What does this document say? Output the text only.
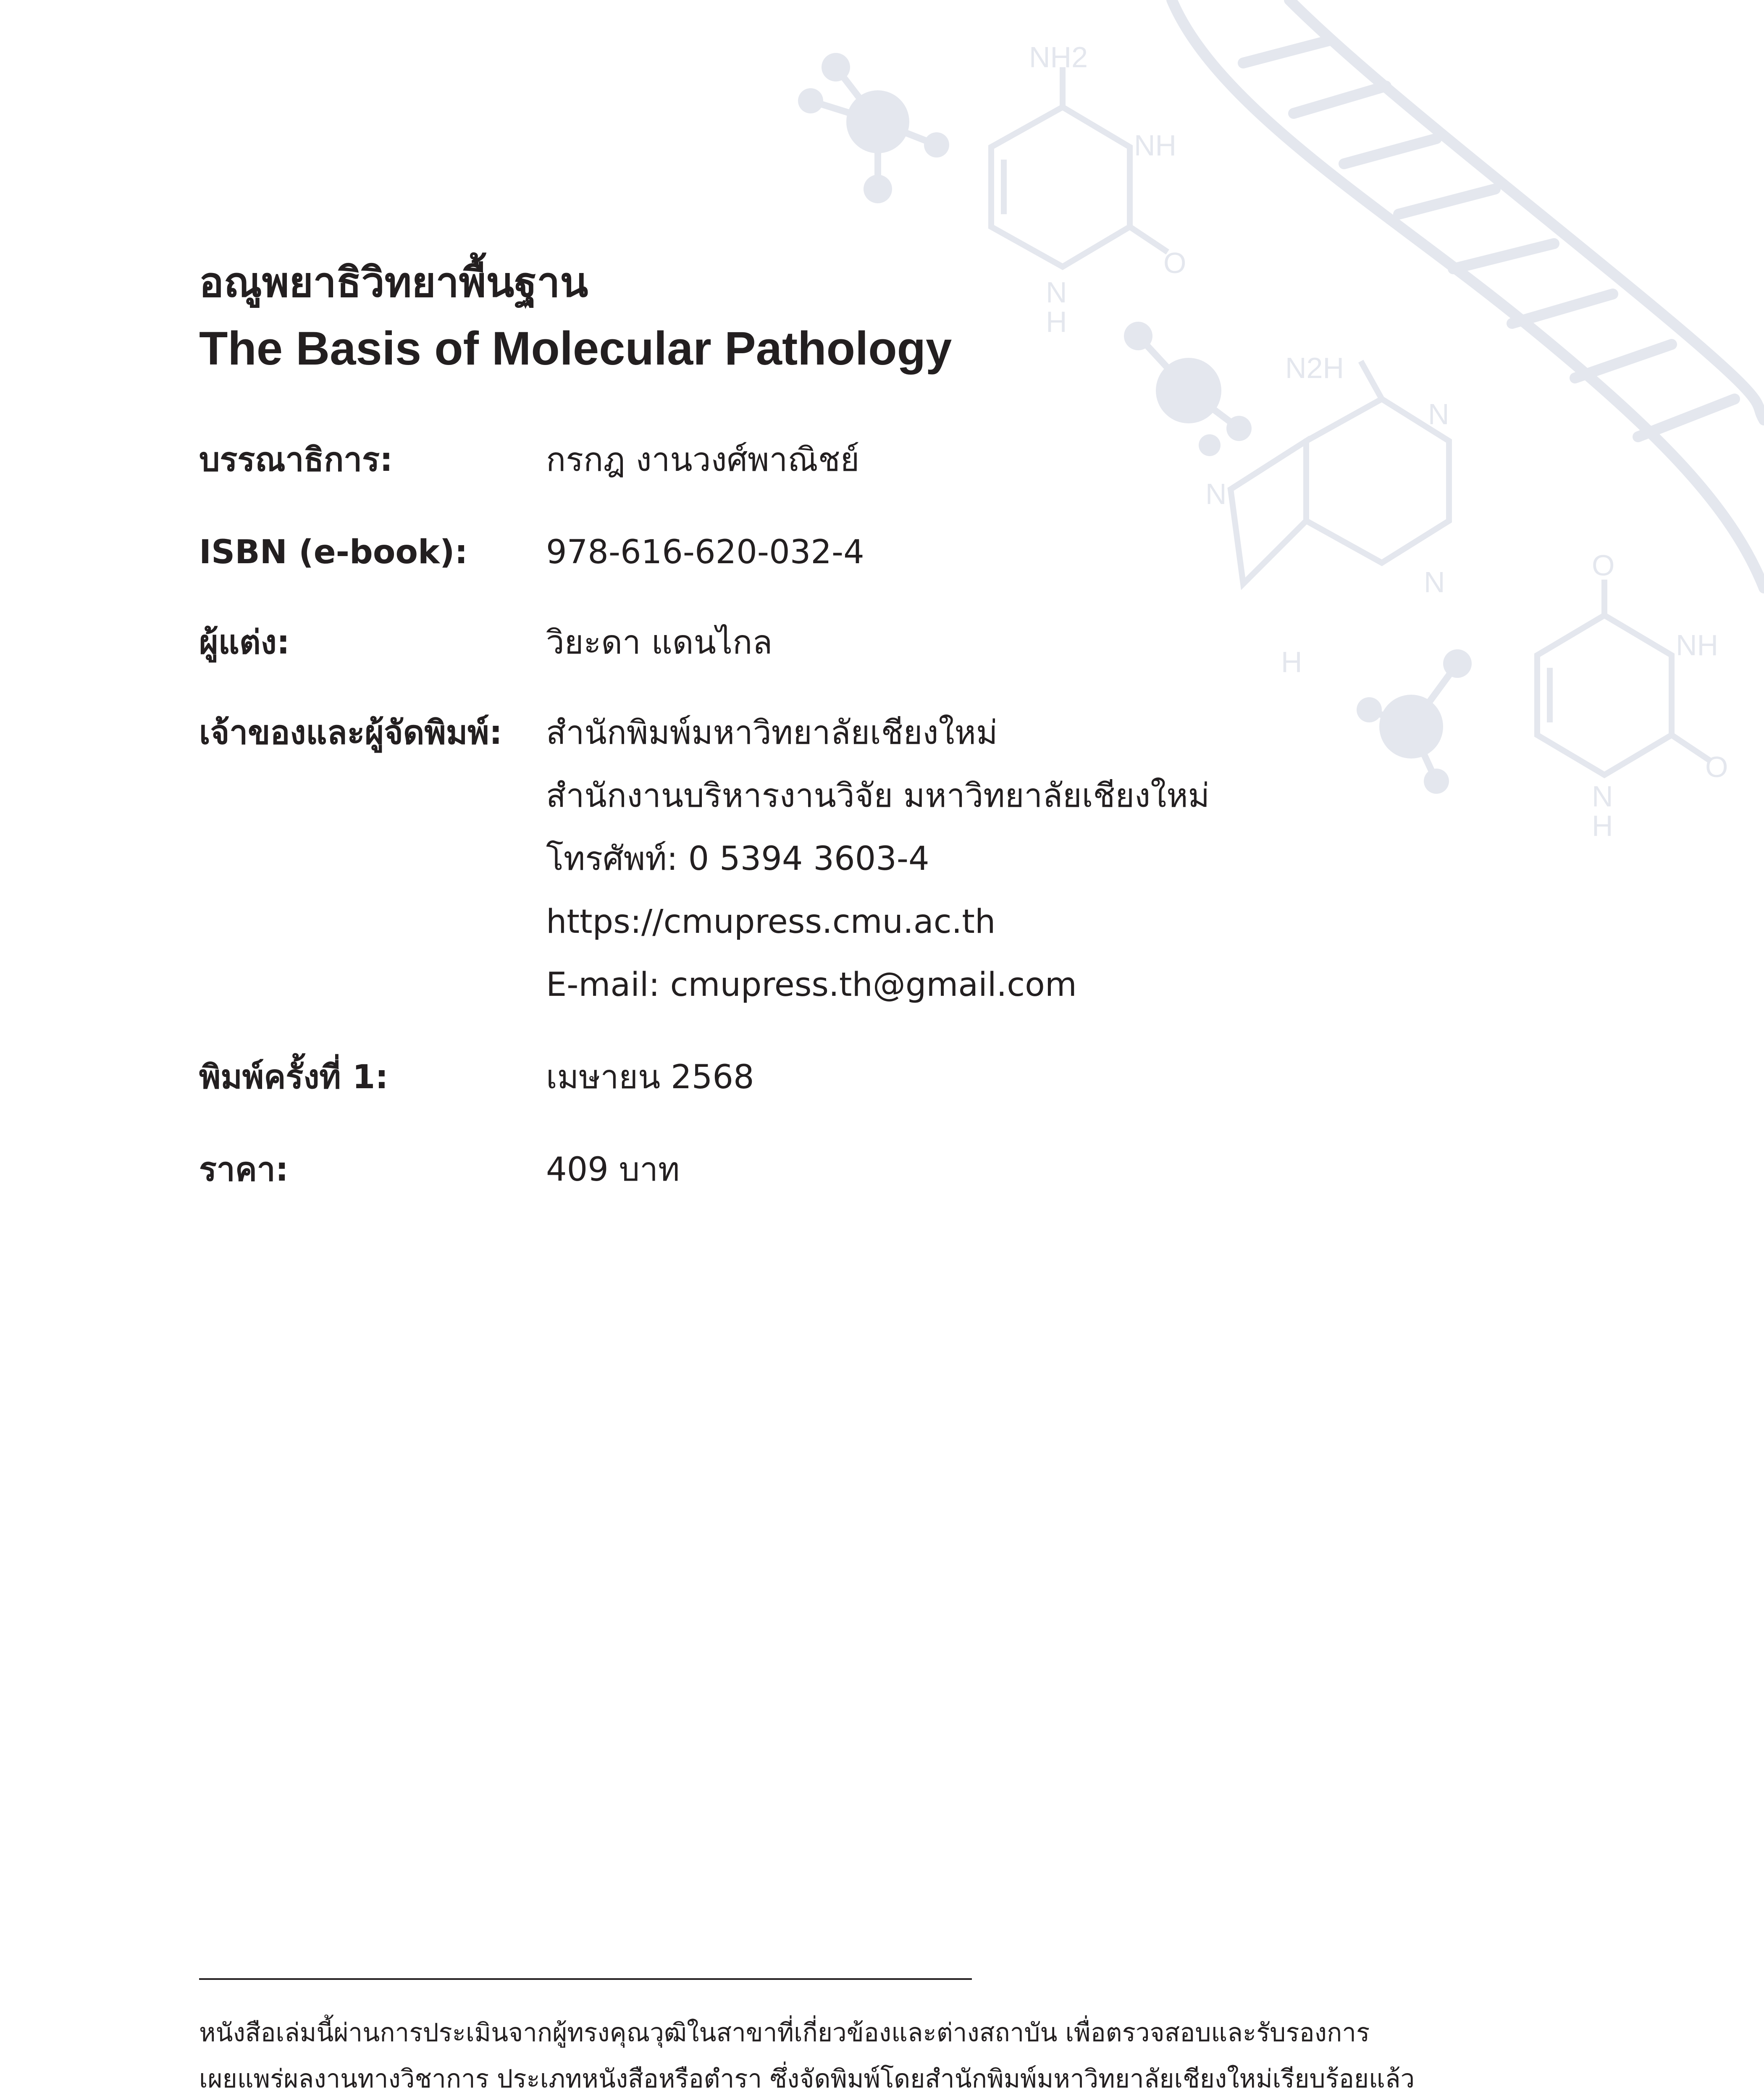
NH2
NH
O
N
H
N2H
N
N
N
H
O
NH
O
N
H
อณูพยาธิวิทยาพื้นฐาน
The Basis of Molecular Pathology
บรรณาธิการ:	กรกฎ งานวงศ์พาณิชย์
ISBN (e-book): 978-616-620-032-4
ผู้แต่ง:	วิยะดา แดนไกล
เจ้าของและผู้จัดพิมพ์: สำนักพิมพ์มหาวิทยาลัยเชียงใหม่
สำนักงานบริหารงานวิจัย มหาวิทยาลัยเชียงใหม่
โทรศัพท์: 0 5394 3603-4
https://cmupress.cmu.ac.th
E-mail: cmupress.th@gmail.com
พิมพ์ครั้งที่ 1:	เมษายน 2568
ราคา:	409 บาท
หนังสือเล่มนี้ผ่านการประเมินจากผู้ทรงคุณวุฒิในสาขาที่เกี่ยวข้องและต่างสถาบัน เพื่อตรวจสอบและรับรองการ
เผยแพร่ผลงานทางวิชาการ ประเภทหนังสือหรือตำรา ซึ่งจัดพิมพ์โดยสำนักพิมพ์มหาวิทยาลัยเชียงใหม่เรียบร้อยแล้ว
